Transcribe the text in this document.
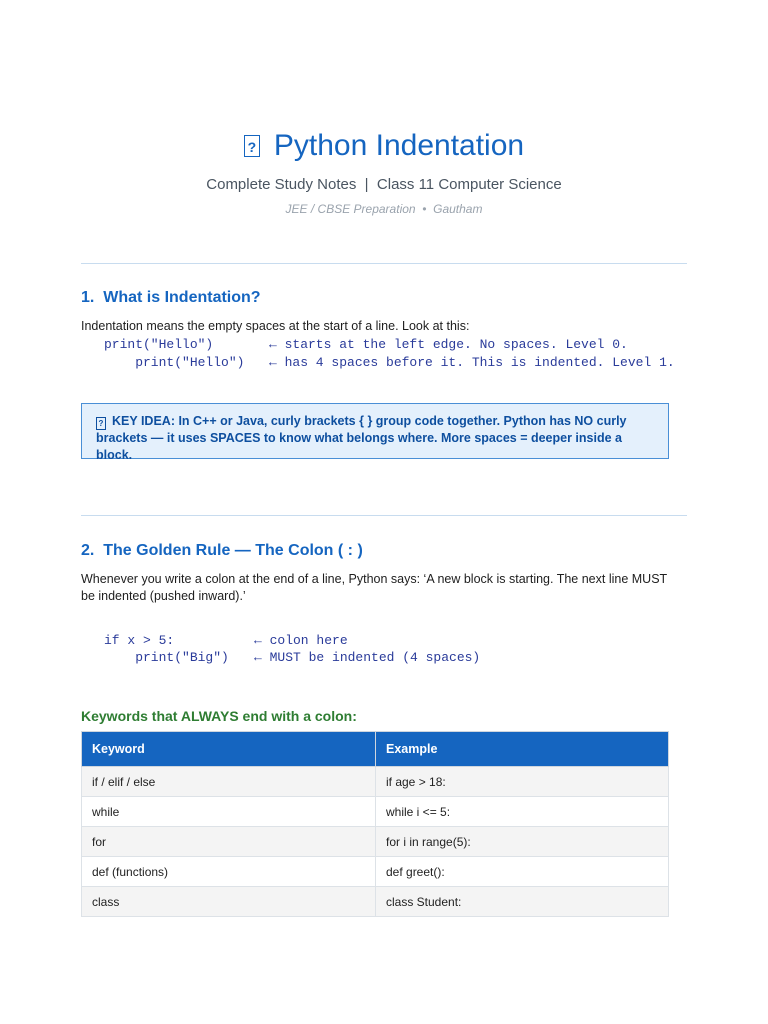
? Python Indentation
Complete Study Notes  |  Class 11 Computer Science
JEE / CBSE Preparation  •  Gautham
1.  What is Indentation?
Indentation means the empty spaces at the start of a line. Look at this:
print("Hello")	← starts at the left edge. No spaces. Level 0.
print("Hello") ← has 4 spaces before it. This is indented. Level 1.
? KEY IDEA: In C++ or Java, curly brackets { } group code together. Python has NO curly brackets — it uses SPACES to know what belongs where. More spaces = deeper inside a block.
2.  The Golden Rule — The Colon ( : )
Whenever you write a colon at the end of a line, Python says: ‘A new block is starting. The next line MUST be indented (pushed inward).’
if x > 5:	← colon here
print("Big") ← MUST be indented (4 spaces)
Keywords that ALWAYS end with a colon:
Keyword	Example
if / elif / else	if age > 18:
while	while i <= 5:
for	for i in range(5):
def (functions)	def greet():
class	class Student:
